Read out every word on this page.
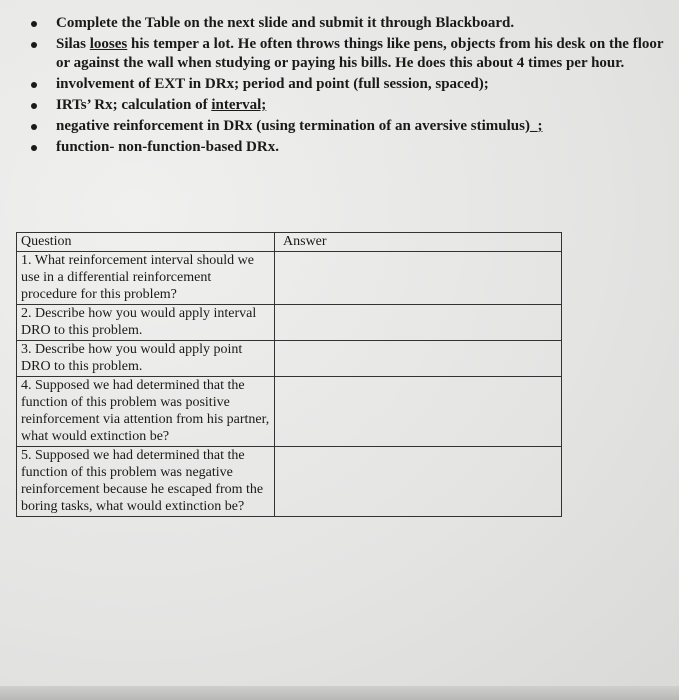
Complete the Table on the next slide and submit it through Blackboard.
Silas looses his temper a lot. He often throws things like pens, objects from his desk on the floor or against the wall when studying or paying his bills. He does this about 4 times per hour.
involvement of EXT in DRx; period and point (full session, spaced);
IRTs’ Rx; calculation of interval;
negative reinforcement in DRx (using termination of an aversive stimulus)_;
function- non-function-based DRx.
Question	Answer
1. What reinforcement interval should we use in a differential reinforcement procedure for this problem?	
2. Describe how you would apply interval DRO to this problem.	
3. Describe how you would apply point DRO to this problem.	
4. Supposed we had determined that the function of this problem was positive reinforcement via attention from his partner, what would extinction be?	
5. Supposed we had determined that the function of this problem was negative reinforcement because he escaped from the boring tasks, what would extinction be?	
